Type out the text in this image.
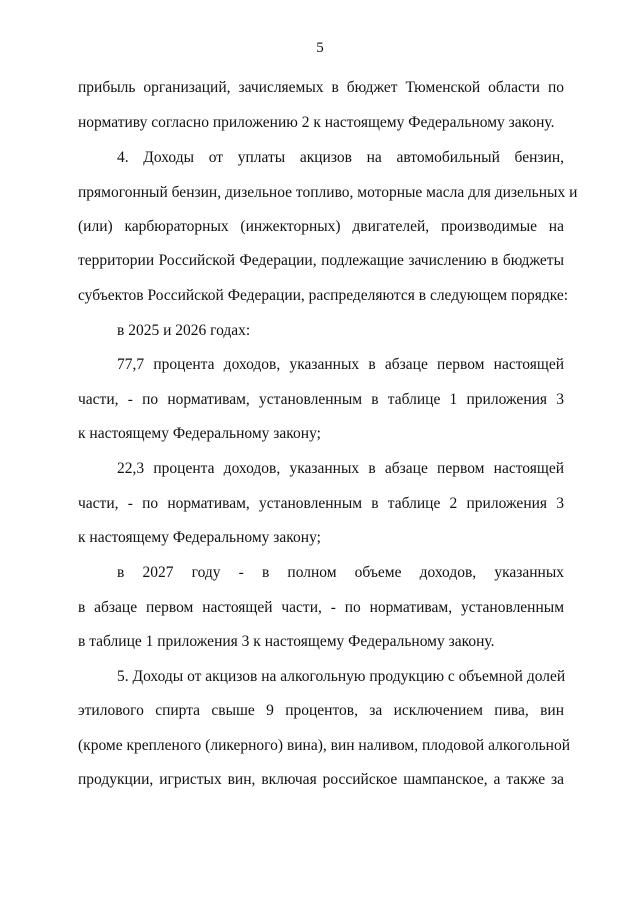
5
прибыль организаций, зачисляемых в бюджет Тюменской области по
нормативу согласно приложению 2 к настоящему Федеральному закону.
4. Доходы от уплаты акцизов на автомобильный бензин,
прямогонный бензин, дизельное топливо, моторные масла для дизельных и
(или) карбюраторных (инжекторных) двигателей, производимые на
территории Российской Федерации, подлежащие зачислению в бюджеты
субъектов Российской Федерации, распределяются в следующем порядке:
в 2025 и 2026 годах:
77,7 процента доходов, указанных в абзаце первом настоящей
части, - по нормативам, установленным в таблице 1 приложения 3
к настоящему Федеральному закону;
22,3 процента доходов, указанных в абзаце первом настоящей
части, - по нормативам, установленным в таблице 2 приложения 3
к настоящему Федеральному закону;
в 2027 году - в полном объеме доходов, указанных
в абзаце первом настоящей части, - по нормативам, установленным
в таблице 1 приложения 3 к настоящему Федеральному закону.
5. Доходы от акцизов на алкогольную продукцию с объемной долей
этилового спирта свыше 9 процентов, за исключением пива, вин
(кроме крепленого (ликерного) вина), вин наливом, плодовой алкогольной
продукции, игристых вин, включая российское шампанское, а также за
